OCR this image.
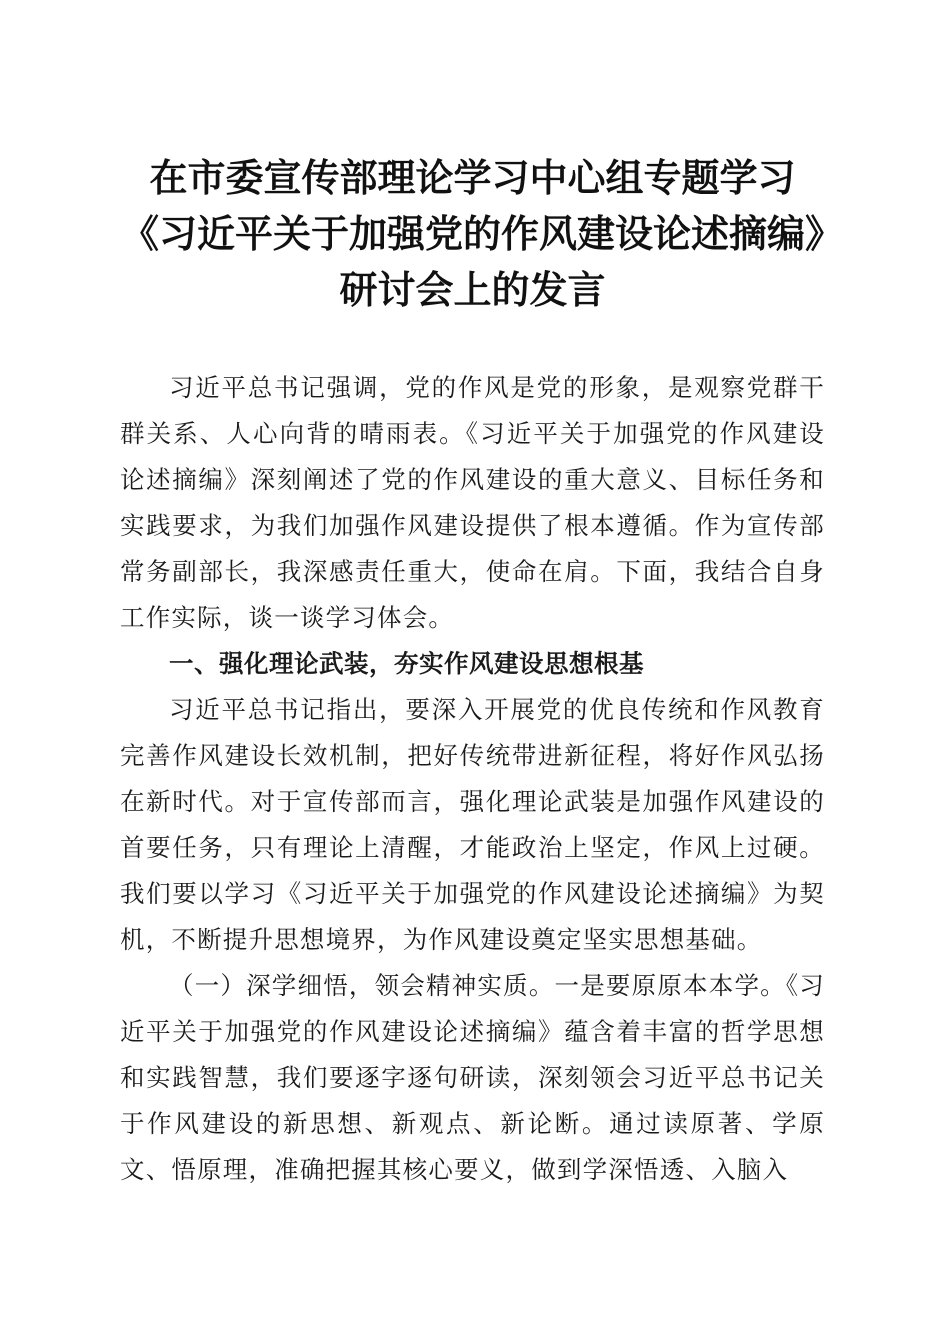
在市委宣传部理论学习中心组专题学习《习近平关于加强党的作风建设论述摘编》研讨会上的发言

习近平总书记强调，党的作风是党的形象，是观察党群干群关系、人心向背的晴雨表。《习近平关于加强党的作风建设论述摘编》深刻阐述了党的作风建设的重大意义、目标任务和实践要求，为我们加强作风建设提供了根本遵循。作为宣传部常务副部长，我深感责任重大，使命在肩。下面，我结合自身工作实际，谈一谈学习体会。

一、强化理论武装，夯实作风建设思想根基

习近平总书记指出，要深入开展党的优良传统和作风教育完善作风建设长效机制，把好传统带进新征程，将好作风弘扬在新时代。对于宣传部而言，强化理论武装是加强作风建设的首要任务，只有理论上清醒，才能政治上坚定，作风上过硬。我们要以学习《习近平关于加强党的作风建设论述摘编》为契机，不断提升思想境界，为作风建设奠定坚实思想基础。

（一）深学细悟，领会精神实质。一是要原原本本学。《习近平关于加强党的作风建设论述摘编》蕴含着丰富的哲学思想和实践智慧，我们要逐字逐句研读，深刻领会习近平总书记关于作风建设的新思想、新观点、新论断。通过读原著、学原文、悟原理，准确把握其核心要义，做到学深悟透、入脑入
